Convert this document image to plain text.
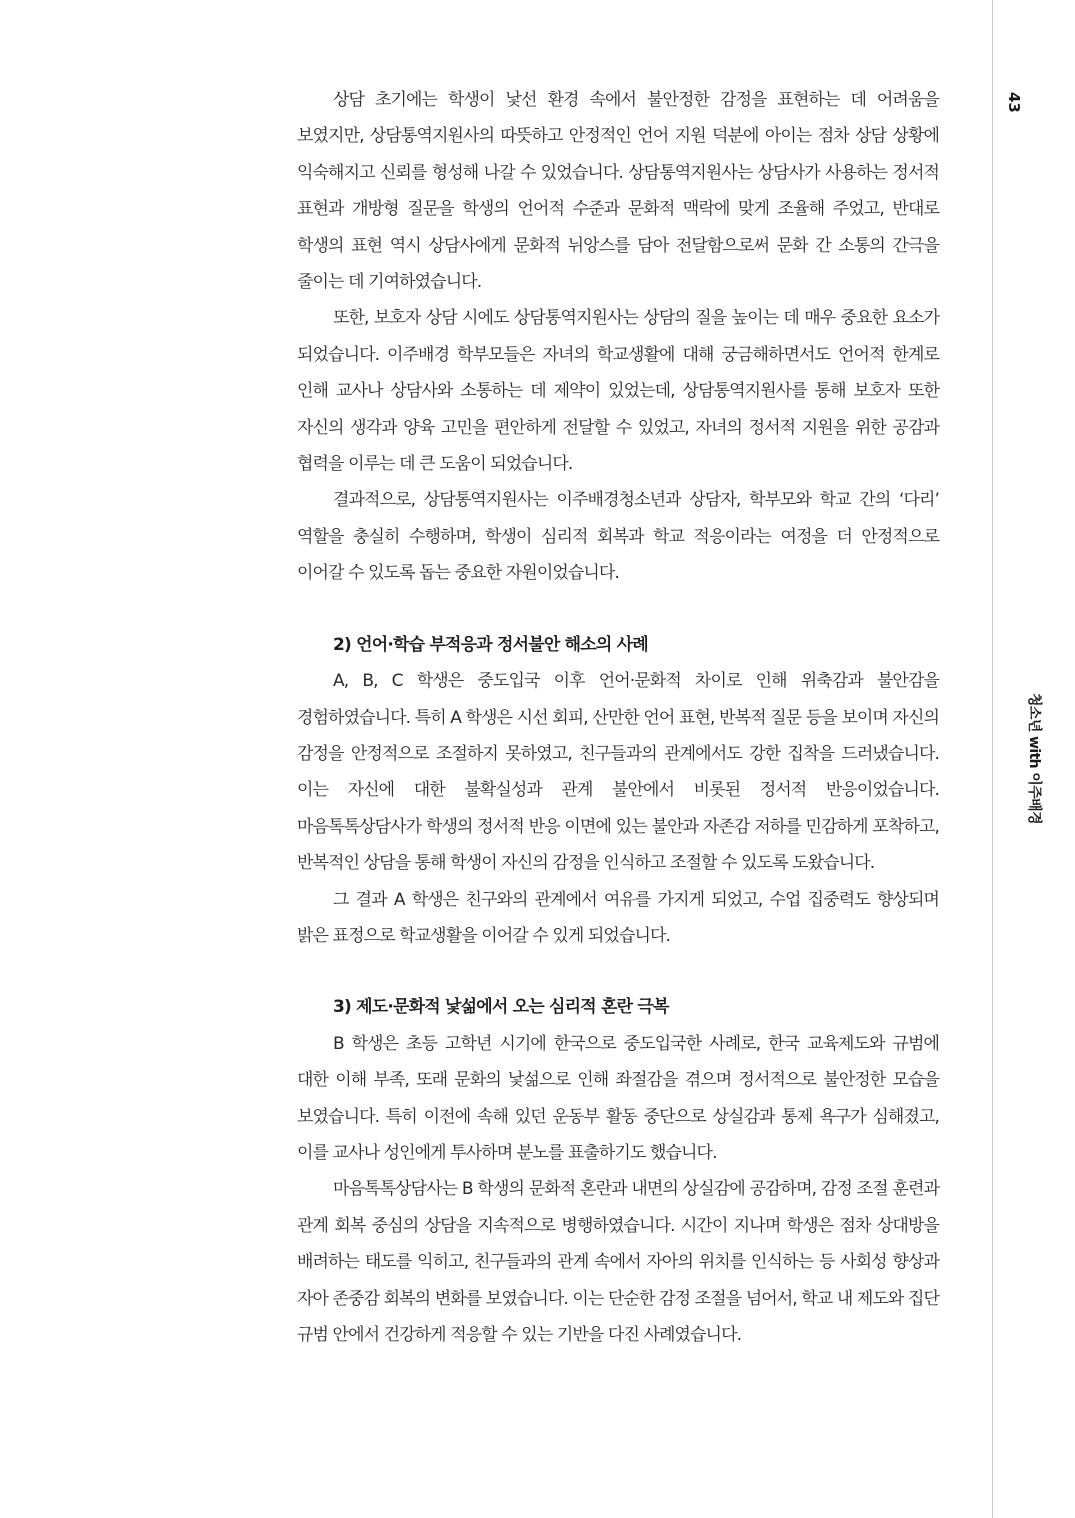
상담 초기에는 학생이 낯선 환경 속에서 불안정한 감정을 표현하는 데 어려움을 보였지만, 상담통역지원사의 따뜻하고 안정적인 언어 지원 덕분에 아이는 점차 상담 상황에 익숙해지고 신뢰를 형성해 나갈 수 있었습니다. 상담통역지원사는 상담사가 사용하는 정서적 표현과 개방형 질문을 학생의 언어적 수준과 문화적 맥락에 맞게 조율해 주었고, 반대로 학생의 표현 역시 상담사에게 문화적 뉘앙스를 담아 전달함으로써 문화 간 소통의 간극을 줄이는 데 기여하였습니다.

또한, 보호자 상담 시에도 상담통역지원사는 상담의 질을 높이는 데 매우 중요한 요소가 되었습니다. 이주배경 학부모들은 자녀의 학교생활에 대해 궁금해하면서도 언어적 한계로 인해 교사나 상담사와 소통하는 데 제약이 있었는데, 상담통역지원사를 통해 보호자 또한 자신의 생각과 양육 고민을 편안하게 전달할 수 있었고, 자녀의 정서적 지원을 위한 공감과 협력을 이루는 데 큰 도움이 되었습니다.

결과적으로, 상담통역지원사는 이주배경청소년과 상담자, 학부모와 학교 간의 ‘다리’ 역할을 충실히 수행하며, 학생이 심리적 회복과 학교 적응이라는 여정을 더 안정적으로 이어갈 수 있도록 돕는 중요한 자원이었습니다.

2) 언어·학습 부적응과 정서불안 해소의 사례

A, B, C 학생은 중도입국 이후 언어·문화적 차이로 인해 위축감과 불안감을 경험하였습니다. 특히 A 학생은 시선 회피, 산만한 언어 표현, 반복적 질문 등을 보이며 자신의 감정을 안정적으로 조절하지 못하였고, 친구들과의 관계에서도 강한 집착을 드러냈습니다. 이는 자신에 대한 불확실성과 관계 불안에서 비롯된 정서적 반응이었습니다. 마음톡톡상담사가 학생의 정서적 반응 이면에 있는 불안과 자존감 저하를 민감하게 포착하고, 반복적인 상담을 통해 학생이 자신의 감정을 인식하고 조절할 수 있도록 도왔습니다.

그 결과 A 학생은 친구와의 관계에서 여유를 가지게 되었고, 수업 집중력도 향상되며 밝은 표정으로 학교생활을 이어갈 수 있게 되었습니다.

3) 제도·문화적 낯섦에서 오는 심리적 혼란 극복

B 학생은 초등 고학년 시기에 한국으로 중도입국한 사례로, 한국 교육제도와 규범에 대한 이해 부족, 또래 문화의 낯섦으로 인해 좌절감을 겪으며 정서적으로 불안정한 모습을 보였습니다. 특히 이전에 속해 있던 운동부 활동 중단으로 상실감과 통제 욕구가 심해졌고, 이를 교사나 성인에게 투사하며 분노를 표출하기도 했습니다.

마음톡톡상담사는 B 학생의 문화적 혼란과 내면의 상실감에 공감하며, 감정 조절 훈련과 관계 회복 중심의 상담을 지속적으로 병행하였습니다. 시간이 지나며 학생은 점차 상대방을 배려하는 태도를 익히고, 친구들과의 관계 속에서 자아의 위치를 인식하는 등 사회성 향상과 자아 존중감 회복의 변화를 보였습니다. 이는 단순한 감정 조절을 넘어서, 학교 내 제도와 집단 규범 안에서 건강하게 적응할 수 있는 기반을 다진 사례였습니다.

43
청소년 with 이주배경
